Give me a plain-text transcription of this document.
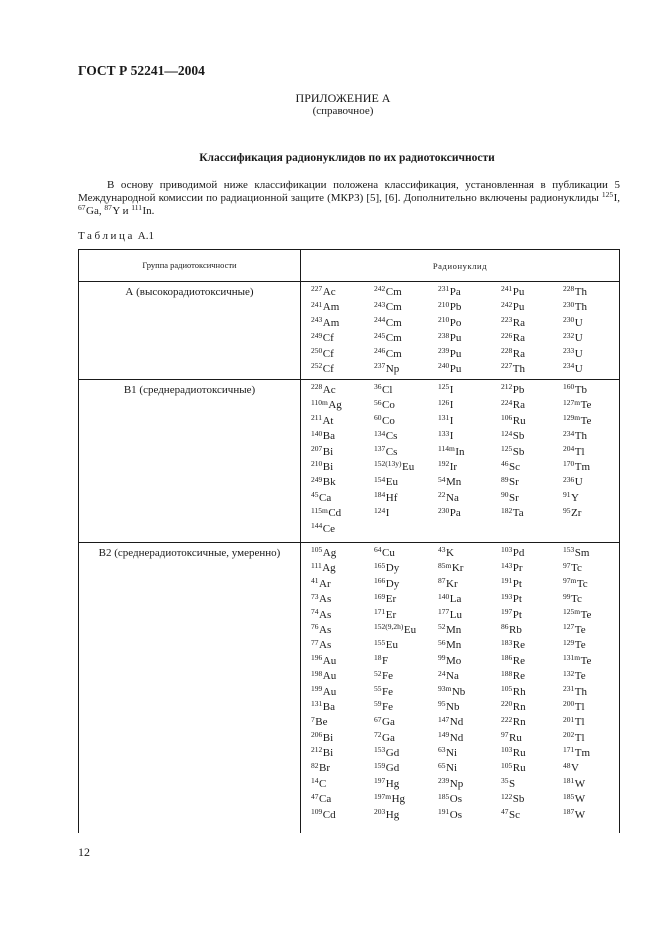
ГОСТ Р 52241—2004
ПРИЛОЖЕНИЕ А
(справочное)
Классификация радионуклидов по их радиотоксичности

В основу приводимой ниже классификации положена классификация, установленная в публикации 5 Международной комиссии по радиационной защите (МКРЗ) [5], [6]. Дополнительно включены радионуклиды $^{125}$I, $^{67}$Ga, $^{87}$Y и $^{111}$In.

Таблица А.1
Группа радиотоксичности	Радионуклид
А (высокорадиотоксичные)	$^{227}$Ac	$^{242}$Cm	$^{231}$Pa	$^{241}$Pu	$^{228}$Th
$^{241}$Am	$^{243}$Cm	$^{210}$Pb	$^{242}$Pu	$^{230}$Th
$^{243}$Am	$^{244}$Cm	$^{210}$Po	$^{223}$Ra	$^{230}$U
$^{249}$Cf	$^{245}$Cm	$^{238}$Pu	$^{226}$Ra	$^{232}$U
$^{250}$Cf	$^{246}$Cm	$^{239}$Pu	$^{228}$Ra	$^{233}$U
$^{252}$Cf	$^{237}$Np	$^{240}$Pu	$^{227}$Th	$^{234}$U
В1 (среднерадиотоксичные)	$^{228}$Ac	$^{36}$Cl	$^{125}$I	$^{212}$Pb	$^{160}$Tb
$^{110m}$Ag	$^{56}$Co	$^{126}$I	$^{224}$Ra	$^{127m}$Te
$^{211}$At	$^{60}$Co	$^{131}$I	$^{106}$Ru	$^{129m}$Te
$^{140}$Ba	$^{134}$Cs	$^{133}$I	$^{124}$Sb	$^{234}$Th
$^{207}$Bi	$^{137}$Cs	$^{114m}$In	$^{125}$Sb	$^{204}$Tl
$^{210}$Bi	$^{152(13y)}$Eu	$^{192}$Ir	$^{46}$Sc	$^{170}$Tm
$^{249}$Bk	$^{154}$Eu	$^{54}$Mn	$^{89}$Sr	$^{236}$U
$^{45}$Ca	$^{184}$Hf	$^{22}$Na	$^{90}$Sr	$^{91}$Y
$^{115m}$Cd	$^{124}$I	$^{230}$Pa	$^{182}$Ta	$^{95}$Zr
$^{144}$Ce
В2 (среднерадиотоксичные, умеренно)	$^{105}$Ag	$^{64}$Cu	$^{43}$K	$^{103}$Pd	$^{153}$Sm
$^{111}$Ag	$^{165}$Dy	$^{85m}$Kr	$^{143}$Pr	$^{97}$Tc
$^{41}$Ar	$^{166}$Dy	$^{87}$Kr	$^{191}$Pt	$^{97m}$Tc
$^{73}$As	$^{169}$Er	$^{140}$La	$^{193}$Pt	$^{99}$Tc
$^{74}$As	$^{171}$Er	$^{177}$Lu	$^{197}$Pt	$^{125m}$Te
$^{76}$As	$^{152(9,2h)}$Eu	$^{52}$Mn	$^{86}$Rb	$^{127}$Te
$^{77}$As	$^{155}$Eu	$^{56}$Mn	$^{183}$Re	$^{129}$Te
$^{196}$Au	$^{18}$F	$^{99}$Mo	$^{186}$Re	$^{131m}$Te
$^{198}$Au	$^{52}$Fe	$^{24}$Na	$^{188}$Re	$^{132}$Te
$^{199}$Au	$^{55}$Fe	$^{93m}$Nb	$^{105}$Rh	$^{231}$Th
$^{131}$Ba	$^{59}$Fe	$^{95}$Nb	$^{220}$Rn	$^{200}$Tl
$^7$Be	$^{67}$Ga	$^{147}$Nd	$^{222}$Rn	$^{201}$Tl
$^{206}$Bi	$^{72}$Ga	$^{149}$Nd	$^{97}$Ru	$^{202}$Tl
$^{212}$Bi	$^{153}$Gd	$^{63}$Ni	$^{103}$Ru	$^{171}$Tm
$^{82}$Br	$^{159}$Gd	$^{65}$Ni	$^{105}$Ru	$^{48}$V
$^{14}$C	$^{197}$Hg	$^{239}$Np	$^{35}$S	$^{181}$W
$^{47}$Ca	$^{197m}$Hg	$^{185}$Os	$^{122}$Sb	$^{185}$W
$^{109}$Cd	$^{203}$Hg	$^{191}$Os	$^{47}$Sc	$^{187}$W
12
